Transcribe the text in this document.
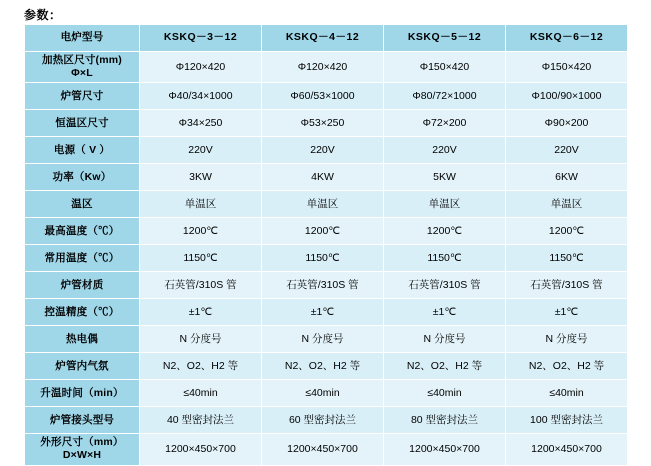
参数：
电炉型号	KSKQ－3－12	KSKQ－4－12	KSKQ－5－12	KSKQ－6－12

加热区尺寸(mm)
Φ×L	Φ120×420	Φ120×420	Φ150×420	Φ150×420
炉管尺寸	Φ40/34×1000	Φ60/53×1000	Φ80/72×1000	Φ100/90×1000
恒温区尺寸	Φ34×250	Φ53×250	Φ72×200	Φ90×200
电源（ V ）	220V	220V	220V	220V
功率（Kw）	3KW	4KW	5KW	6KW
温区	单温区	单温区	单温区	单温区
最高温度（℃）	1200℃	1200℃	1200℃	1200℃
常用温度（℃）	1150℃	1150℃	1150℃	1150℃
炉管材质	石英管/310S 管	石英管/310S 管	石英管/310S 管	石英管/310S 管
控温精度（℃）	±1℃	±1℃	±1℃	±1℃
热电偶	N 分度号	N 分度号	N 分度号	N 分度号
炉管内气氛	N2、O2、H2 等	N2、O2、H2 等	N2、O2、H2 等	N2、O2、H2 等
升温时间（min）	≤40min	≤40min	≤40min	≤40min
炉管接头型号	40 型密封法兰	60 型密封法兰	80 型密封法兰	100 型密封法兰

外形尺寸（mm）
D×W×H	1200×450×700	1200×450×700	1200×450×700	1200×450×700
